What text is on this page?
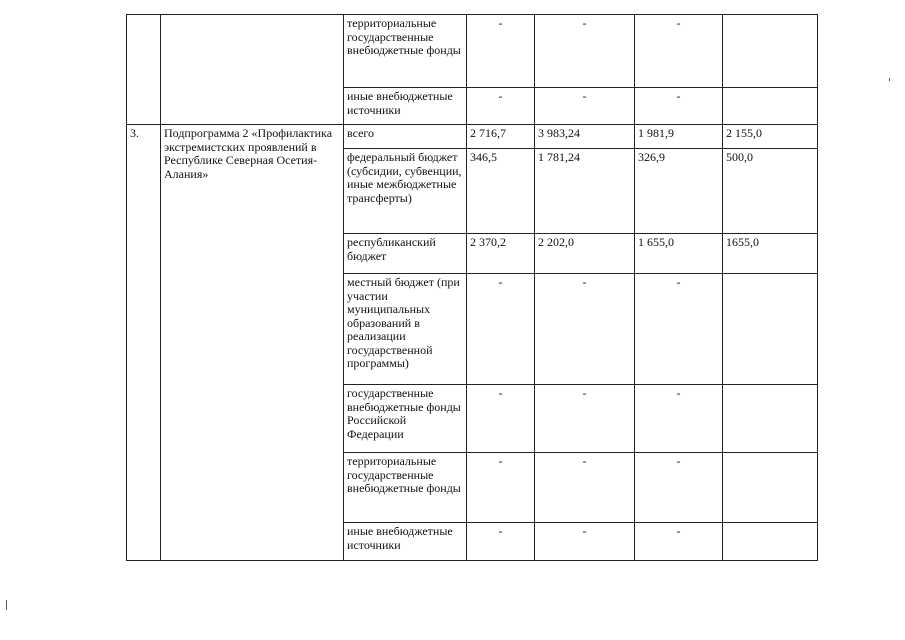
		территориальные государственные внебюджетные фонды	-	-	-	
		иные внебюджетные источники	-	-	-	
3.	Подпрограмма 2 «Профилактика экстремистских проявлений в Республике Северная Осетия-Алания»	всего	2 716,7	3 983,24	1 981,9	2 155,0
		федеральный бюджет (субсидии, субвенции, иные межбюджетные трансферты)	346,5	1 781,24	326,9	500,0
		республиканский бюджет	2 370,2	2 202,0	1 655,0	1655,0
		местный бюджет (при участии муниципальных образований в реализации государственной программы)	-	-	-	
		государственные внебюджетные фонды Российской Федерации	-	-	-	
		территориальные государственные внебюджетные фонды	-	-	-	
		иные внебюджетные источники	-	-	-	
